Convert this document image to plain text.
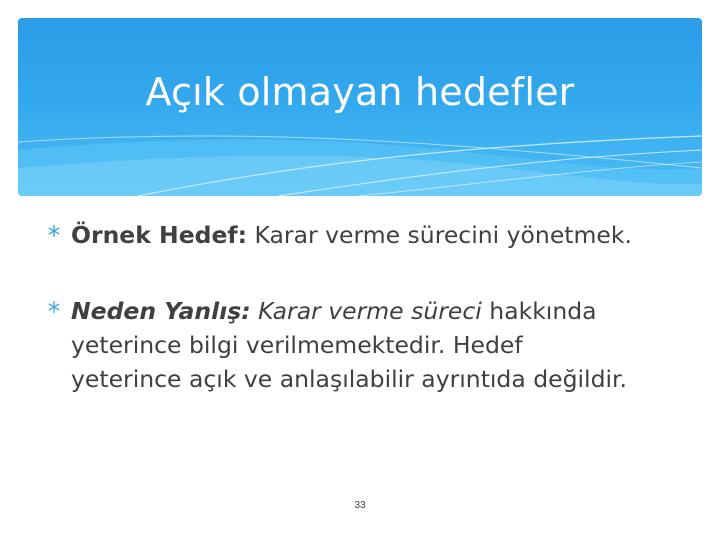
Açık olmayan hedefler
Örnek Hedef: Karar verme sürecini yönetmek.
Neden Yanlış: Karar verme süreci hakkında
yeterince bilgi verilmemektedir. Hedef
yeterince açık ve anlaşılabilir ayrıntıda değildir.
33
